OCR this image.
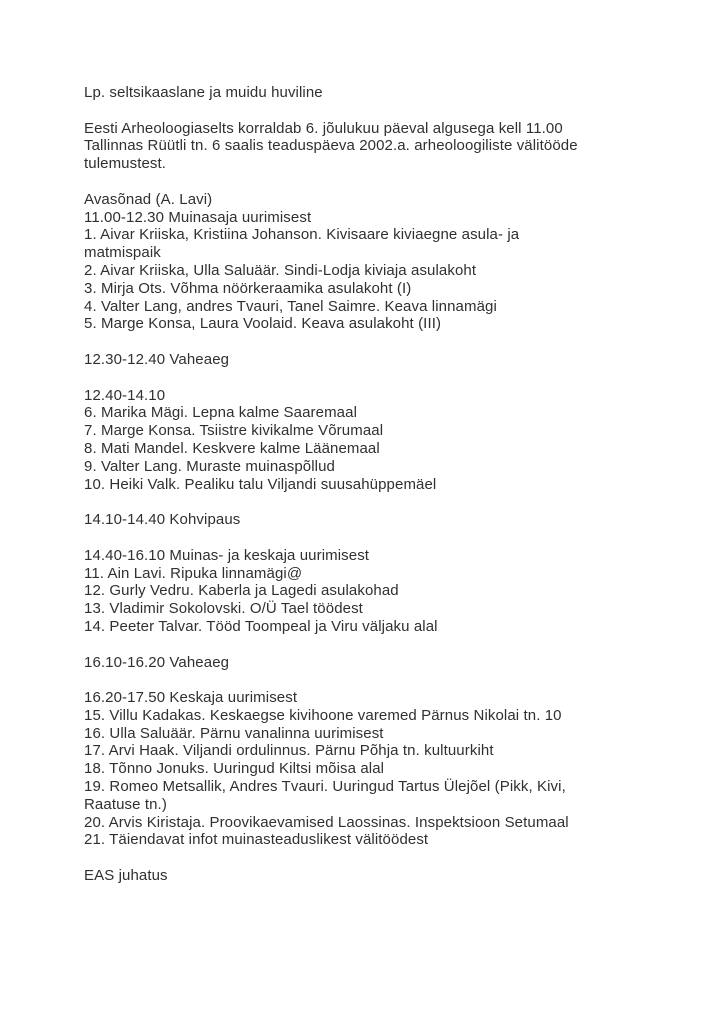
Lp. seltsikaaslane ja muidu huviline
Eesti Arheoloogiaselts korraldab 6. jõulukuu päeval algusega kell 11.00
Tallinnas Rüütli tn. 6 saalis teaduspäeva 2002.a. arheoloogiliste välitööde
tulemustest.
Avasõnad (A. Lavi)
11.00-12.30 Muinasaja uurimisest
1. Aivar Kriiska, Kristiina Johanson. Kivisaare kiviaegne asula- ja
matmispaik
2. Aivar Kriiska, Ulla Saluäär. Sindi-Lodja kiviaja asulakoht
3. Mirja Ots. Võhma nöörkeraamika asulakoht (I)
4. Valter Lang, andres Tvauri, Tanel Saimre. Keava linnamägi
5. Marge Konsa, Laura Voolaid. Keava asulakoht (III)
12.30-12.40 Vaheaeg
12.40-14.10
6. Marika Mägi. Lepna kalme Saaremaal
7. Marge Konsa. Tsiistre kivikalme Võrumaal
8. Mati Mandel. Keskvere kalme Läänemaal
9. Valter Lang. Muraste muinaspõllud
10. Heiki Valk. Pealiku talu Viljandi suusahüppemäel
14.10-14.40 Kohvipaus
14.40-16.10 Muinas- ja keskaja uurimisest
11. Ain Lavi. Ripuka linnamägi@
12. Gurly Vedru. Kaberla ja Lagedi asulakohad
13. Vladimir Sokolovski. O/Ü Tael töödest
14. Peeter Talvar. Tööd Toompeal ja Viru väljaku alal
16.10-16.20 Vaheaeg
16.20-17.50 Keskaja uurimisest
15. Villu Kadakas. Keskaegse kivihoone varemed Pärnus Nikolai tn. 10
16. Ulla Saluäär. Pärnu vanalinna uurimisest
17. Arvi Haak. Viljandi ordulinnus. Pärnu Põhja tn. kultuurkiht
18. Tõnno Jonuks. Uuringud Kiltsi mõisa alal
19. Romeo Metsallik, Andres Tvauri. Uuringud Tartus Ülejõel (Pikk, Kivi,
Raatuse tn.)
20. Arvis Kiristaja. Proovikaevamised Laossinas. Inspektsioon Setumaal
21. Täiendavat infot muinasteaduslikest välitöödest
EAS juhatus
